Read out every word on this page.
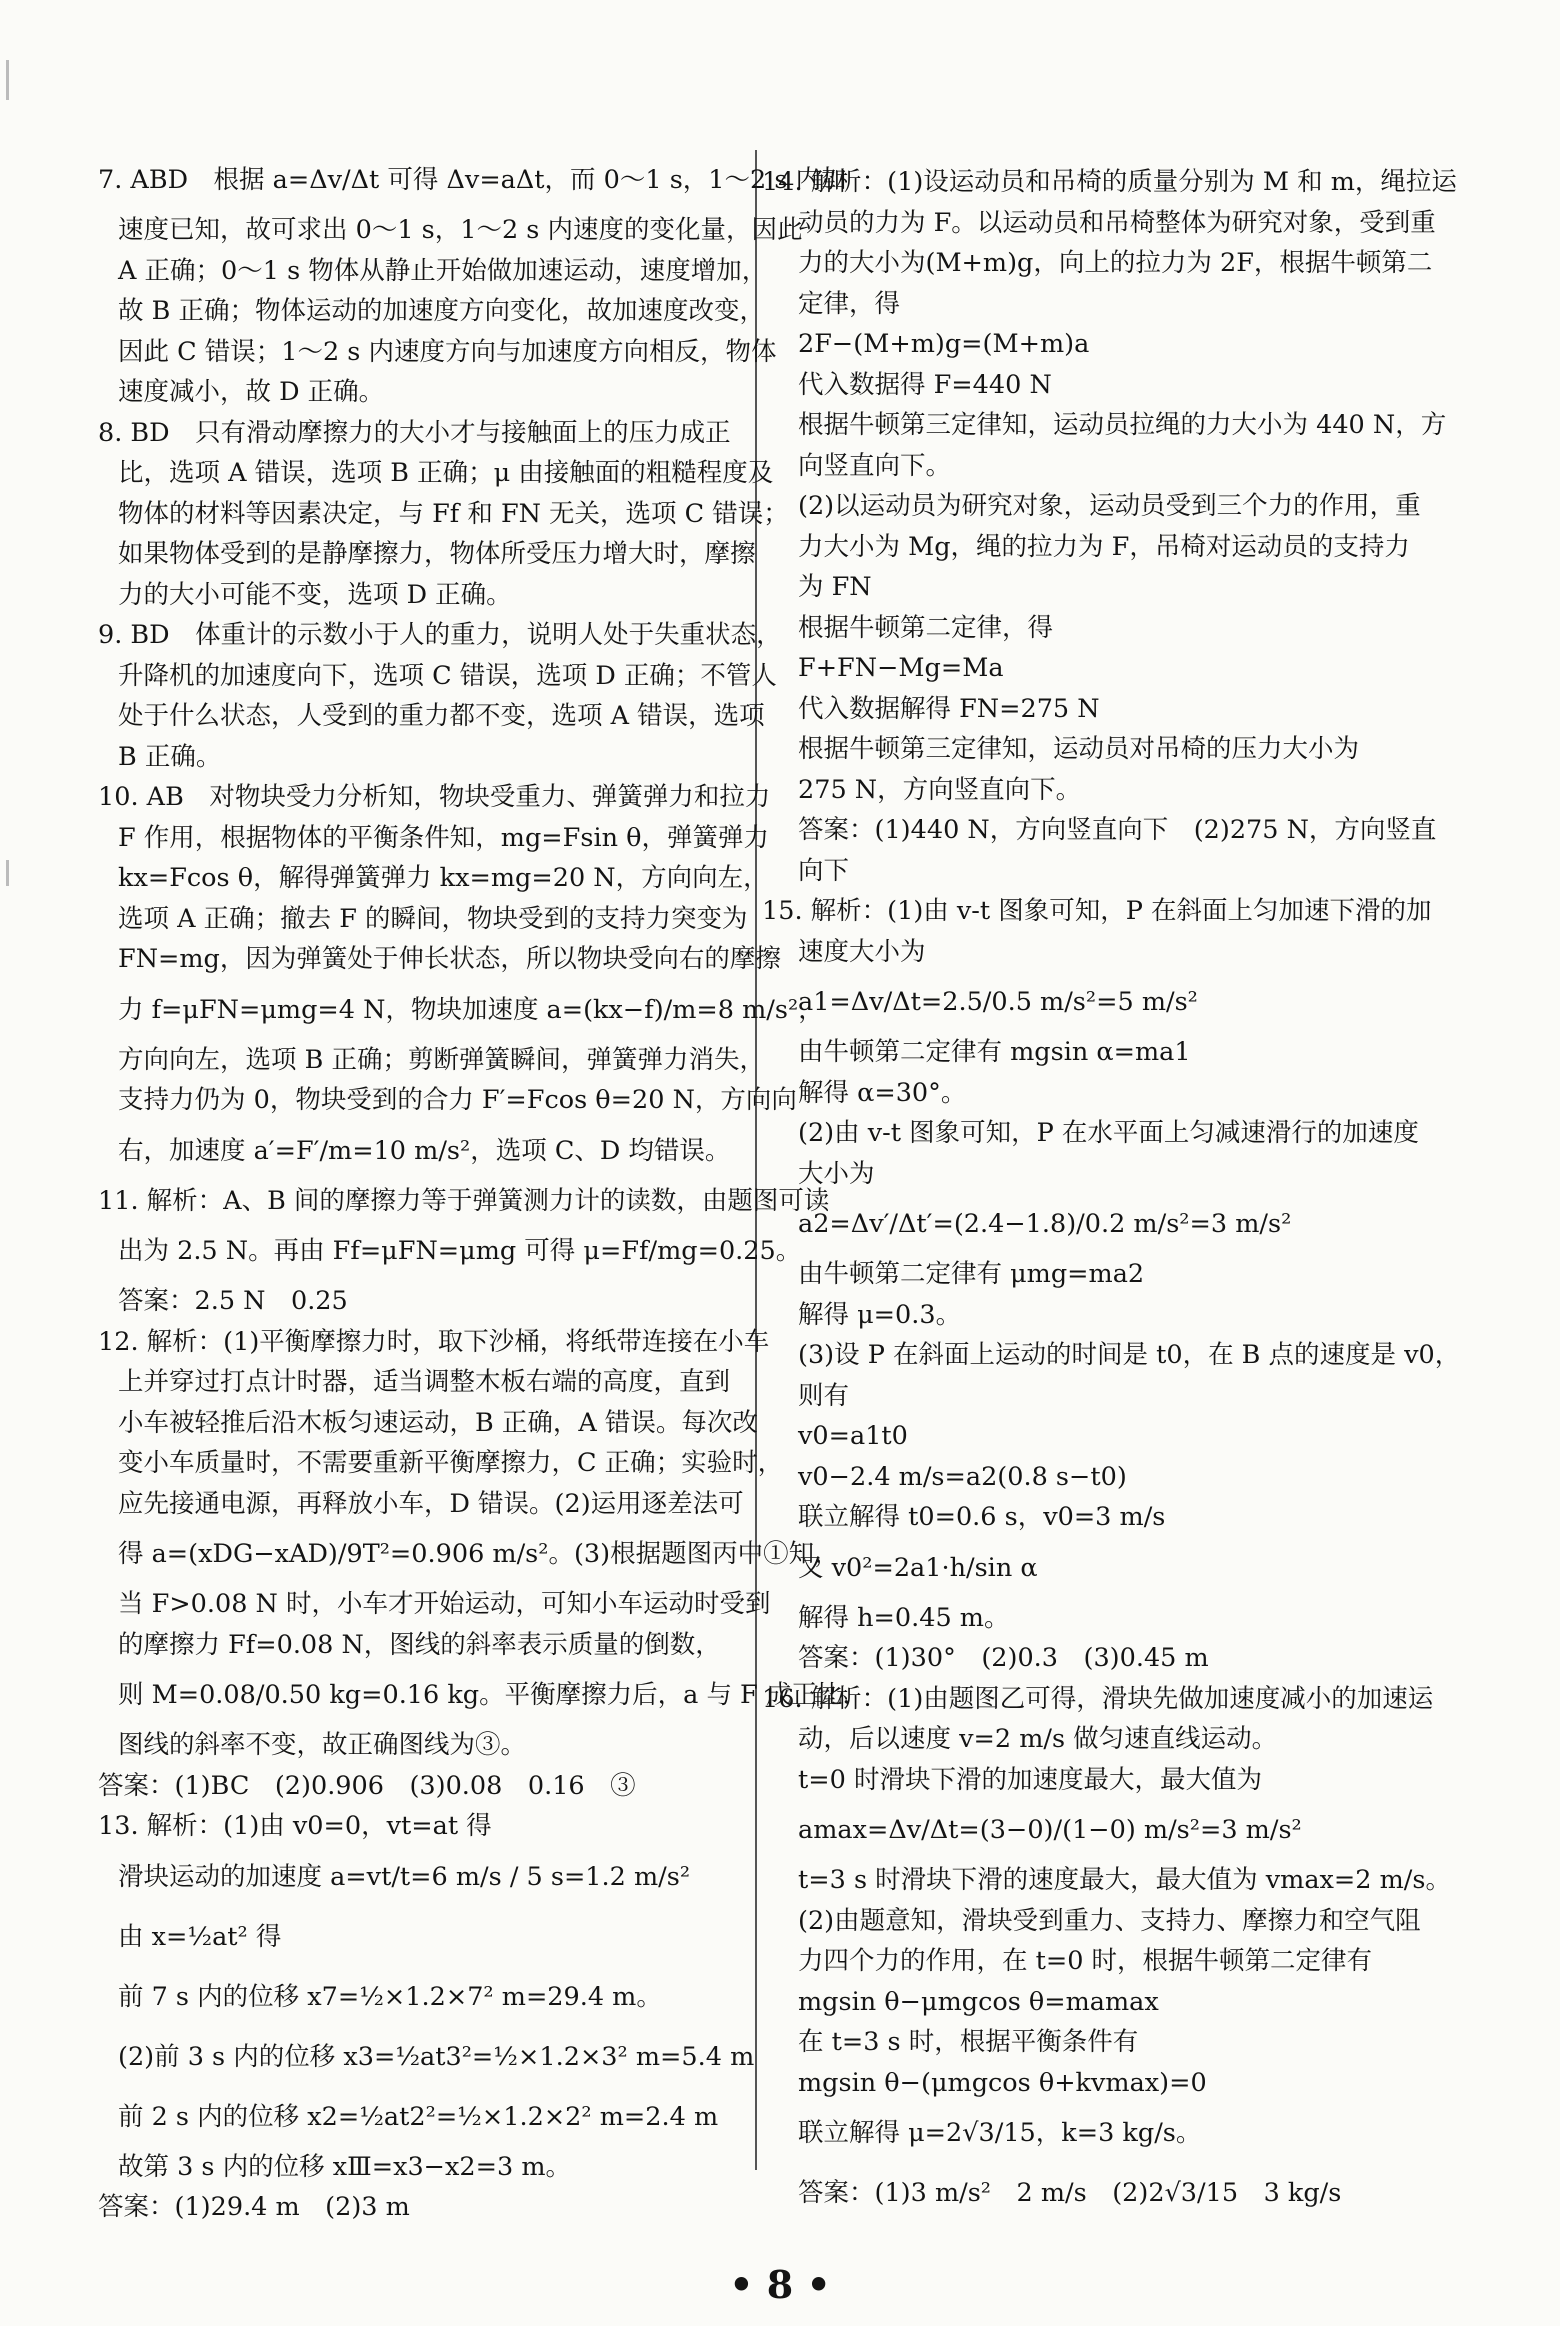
7. ABD　根据 a=Δv/Δt 可得 Δv=aΔt，而 0～1 s，1～2 s 内加
速度已知，故可求出 0～1 s，1～2 s 内速度的变化量，因此
A 正确；0～1 s 物体从静止开始做加速运动，速度增加，
故 B 正确；物体运动的加速度方向变化，故加速度改变，
因此 C 错误；1～2 s 内速度方向与加速度方向相反，物体
速度减小，故 D 正确。
8. BD　只有滑动摩擦力的大小才与接触面上的压力成正
比，选项 A 错误，选项 B 正确；μ 由接触面的粗糙程度及
物体的材料等因素决定，与 Ff 和 FN 无关，选项 C 错误；
如果物体受到的是静摩擦力，物体所受压力增大时，摩擦
力的大小可能不变，选项 D 正确。
9. BD　体重计的示数小于人的重力，说明人处于失重状态，
升降机的加速度向下，选项 C 错误，选项 D 正确；不管人
处于什么状态，人受到的重力都不变，选项 A 错误，选项
B 正确。
10. AB　对物块受力分析知，物块受重力、弹簧弹力和拉力
F 作用，根据物体的平衡条件知，mg=Fsin θ，弹簧弹力
kx=Fcos θ，解得弹簧弹力 kx=mg=20 N，方向向左，
选项 A 正确；撤去 F 的瞬间，物块受到的支持力突变为
FN=mg，因为弹簧处于伸长状态，所以物块受向右的摩擦
力 f=μFN=μmg=4 N，物块加速度 a=(kx−f)/m=8 m/s²，
方向向左，选项 B 正确；剪断弹簧瞬间，弹簧弹力消失，
支持力仍为 0，物块受到的合力 F′=Fcos θ=20 N，方向向
右，加速度 a′=F′/m=10 m/s²，选项 C、D 均错误。
11. 解析：A、B 间的摩擦力等于弹簧测力计的读数，由题图可读
出为 2.5 N。再由 Ff=μFN=μmg 可得 μ=Ff/mg=0.25。
答案：2.5 N　0.25
12. 解析：(1)平衡摩擦力时，取下沙桶，将纸带连接在小车
上并穿过打点计时器，适当调整木板右端的高度，直到
小车被轻推后沿木板匀速运动，B 正确，A 错误。每次改
变小车质量时，不需要重新平衡摩擦力，C 正确；实验时，
应先接通电源，再释放小车，D 错误。(2)运用逐差法可
得 a=(xDG−xAD)/9T²=0.906 m/s²。(3)根据题图丙中①知，
当 F>0.08 N 时，小车才开始运动，可知小车运动时受到
的摩擦力 Ff=0.08 N，图线的斜率表示质量的倒数，
则 M=0.08/0.50 kg=0.16 kg。平衡摩擦力后，a 与 F 成正比，
图线的斜率不变，故正确图线为③。
答案：(1)BC　(2)0.906　(3)0.08　0.16　③
13. 解析：(1)由 v0=0，vt=at 得
滑块运动的加速度 a=vt/t=6 m/s / 5 s=1.2 m/s²
由 x=½at² 得
前 7 s 内的位移 x7=½×1.2×7² m=29.4 m。
(2)前 3 s 内的位移 x3=½at3²=½×1.2×3² m=5.4 m
前 2 s 内的位移 x2=½at2²=½×1.2×2² m=2.4 m
故第 3 s 内的位移 xⅢ=x3−x2=3 m。
答案：(1)29.4 m　(2)3 m
14. 解析：(1)设运动员和吊椅的质量分别为 M 和 m，绳拉运
动员的力为 F。以运动员和吊椅整体为研究对象，受到重
力的大小为(M+m)g，向上的拉力为 2F，根据牛顿第二
定律，得
2F−(M+m)g=(M+m)a
代入数据得 F=440 N
根据牛顿第三定律知，运动员拉绳的力大小为 440 N，方
向竖直向下。
(2)以运动员为研究对象，运动员受到三个力的作用，重
力大小为 Mg，绳的拉力为 F，吊椅对运动员的支持力
为 FN
根据牛顿第二定律，得
F+FN−Mg=Ma
代入数据解得 FN=275 N
根据牛顿第三定律知，运动员对吊椅的压力大小为
275 N，方向竖直向下。
答案：(1)440 N，方向竖直向下　(2)275 N，方向竖直
向下
15. 解析：(1)由 v-t 图象可知，P 在斜面上匀加速下滑的加
速度大小为
a1=Δv/Δt=2.5/0.5 m/s²=5 m/s²
由牛顿第二定律有 mgsin α=ma1
解得 α=30°。
(2)由 v-t 图象可知，P 在水平面上匀减速滑行的加速度
大小为
a2=Δv′/Δt′=(2.4−1.8)/0.2 m/s²=3 m/s²
由牛顿第二定律有 μmg=ma2
解得 μ=0.3。
(3)设 P 在斜面上运动的时间是 t0，在 B 点的速度是 v0，
则有
v0=a1t0
v0−2.4 m/s=a2(0.8 s−t0)
联立解得 t0=0.6 s，v0=3 m/s
又 v0²=2a1·h/sin α
解得 h=0.45 m。
答案：(1)30°　(2)0.3　(3)0.45 m
16. 解析：(1)由题图乙可得，滑块先做加速度减小的加速运
动，后以速度 v=2 m/s 做匀速直线运动。
t=0 时滑块下滑的加速度最大，最大值为
amax=Δv/Δt=(3−0)/(1−0) m/s²=3 m/s²
t=3 s 时滑块下滑的速度最大，最大值为 vmax=2 m/s。
(2)由题意知，滑块受到重力、支持力、摩擦力和空气阻
力四个力的作用，在 t=0 时，根据牛顿第二定律有
mgsin θ−μmgcos θ=mamax
在 t=3 s 时，根据平衡条件有
mgsin θ−(μmgcos θ+kvmax)=0
联立解得 μ=2√3/15，k=3 kg/s。
答案：(1)3 m/s²　2 m/s　(2)2√3/15　3 kg/s
• 8 •
